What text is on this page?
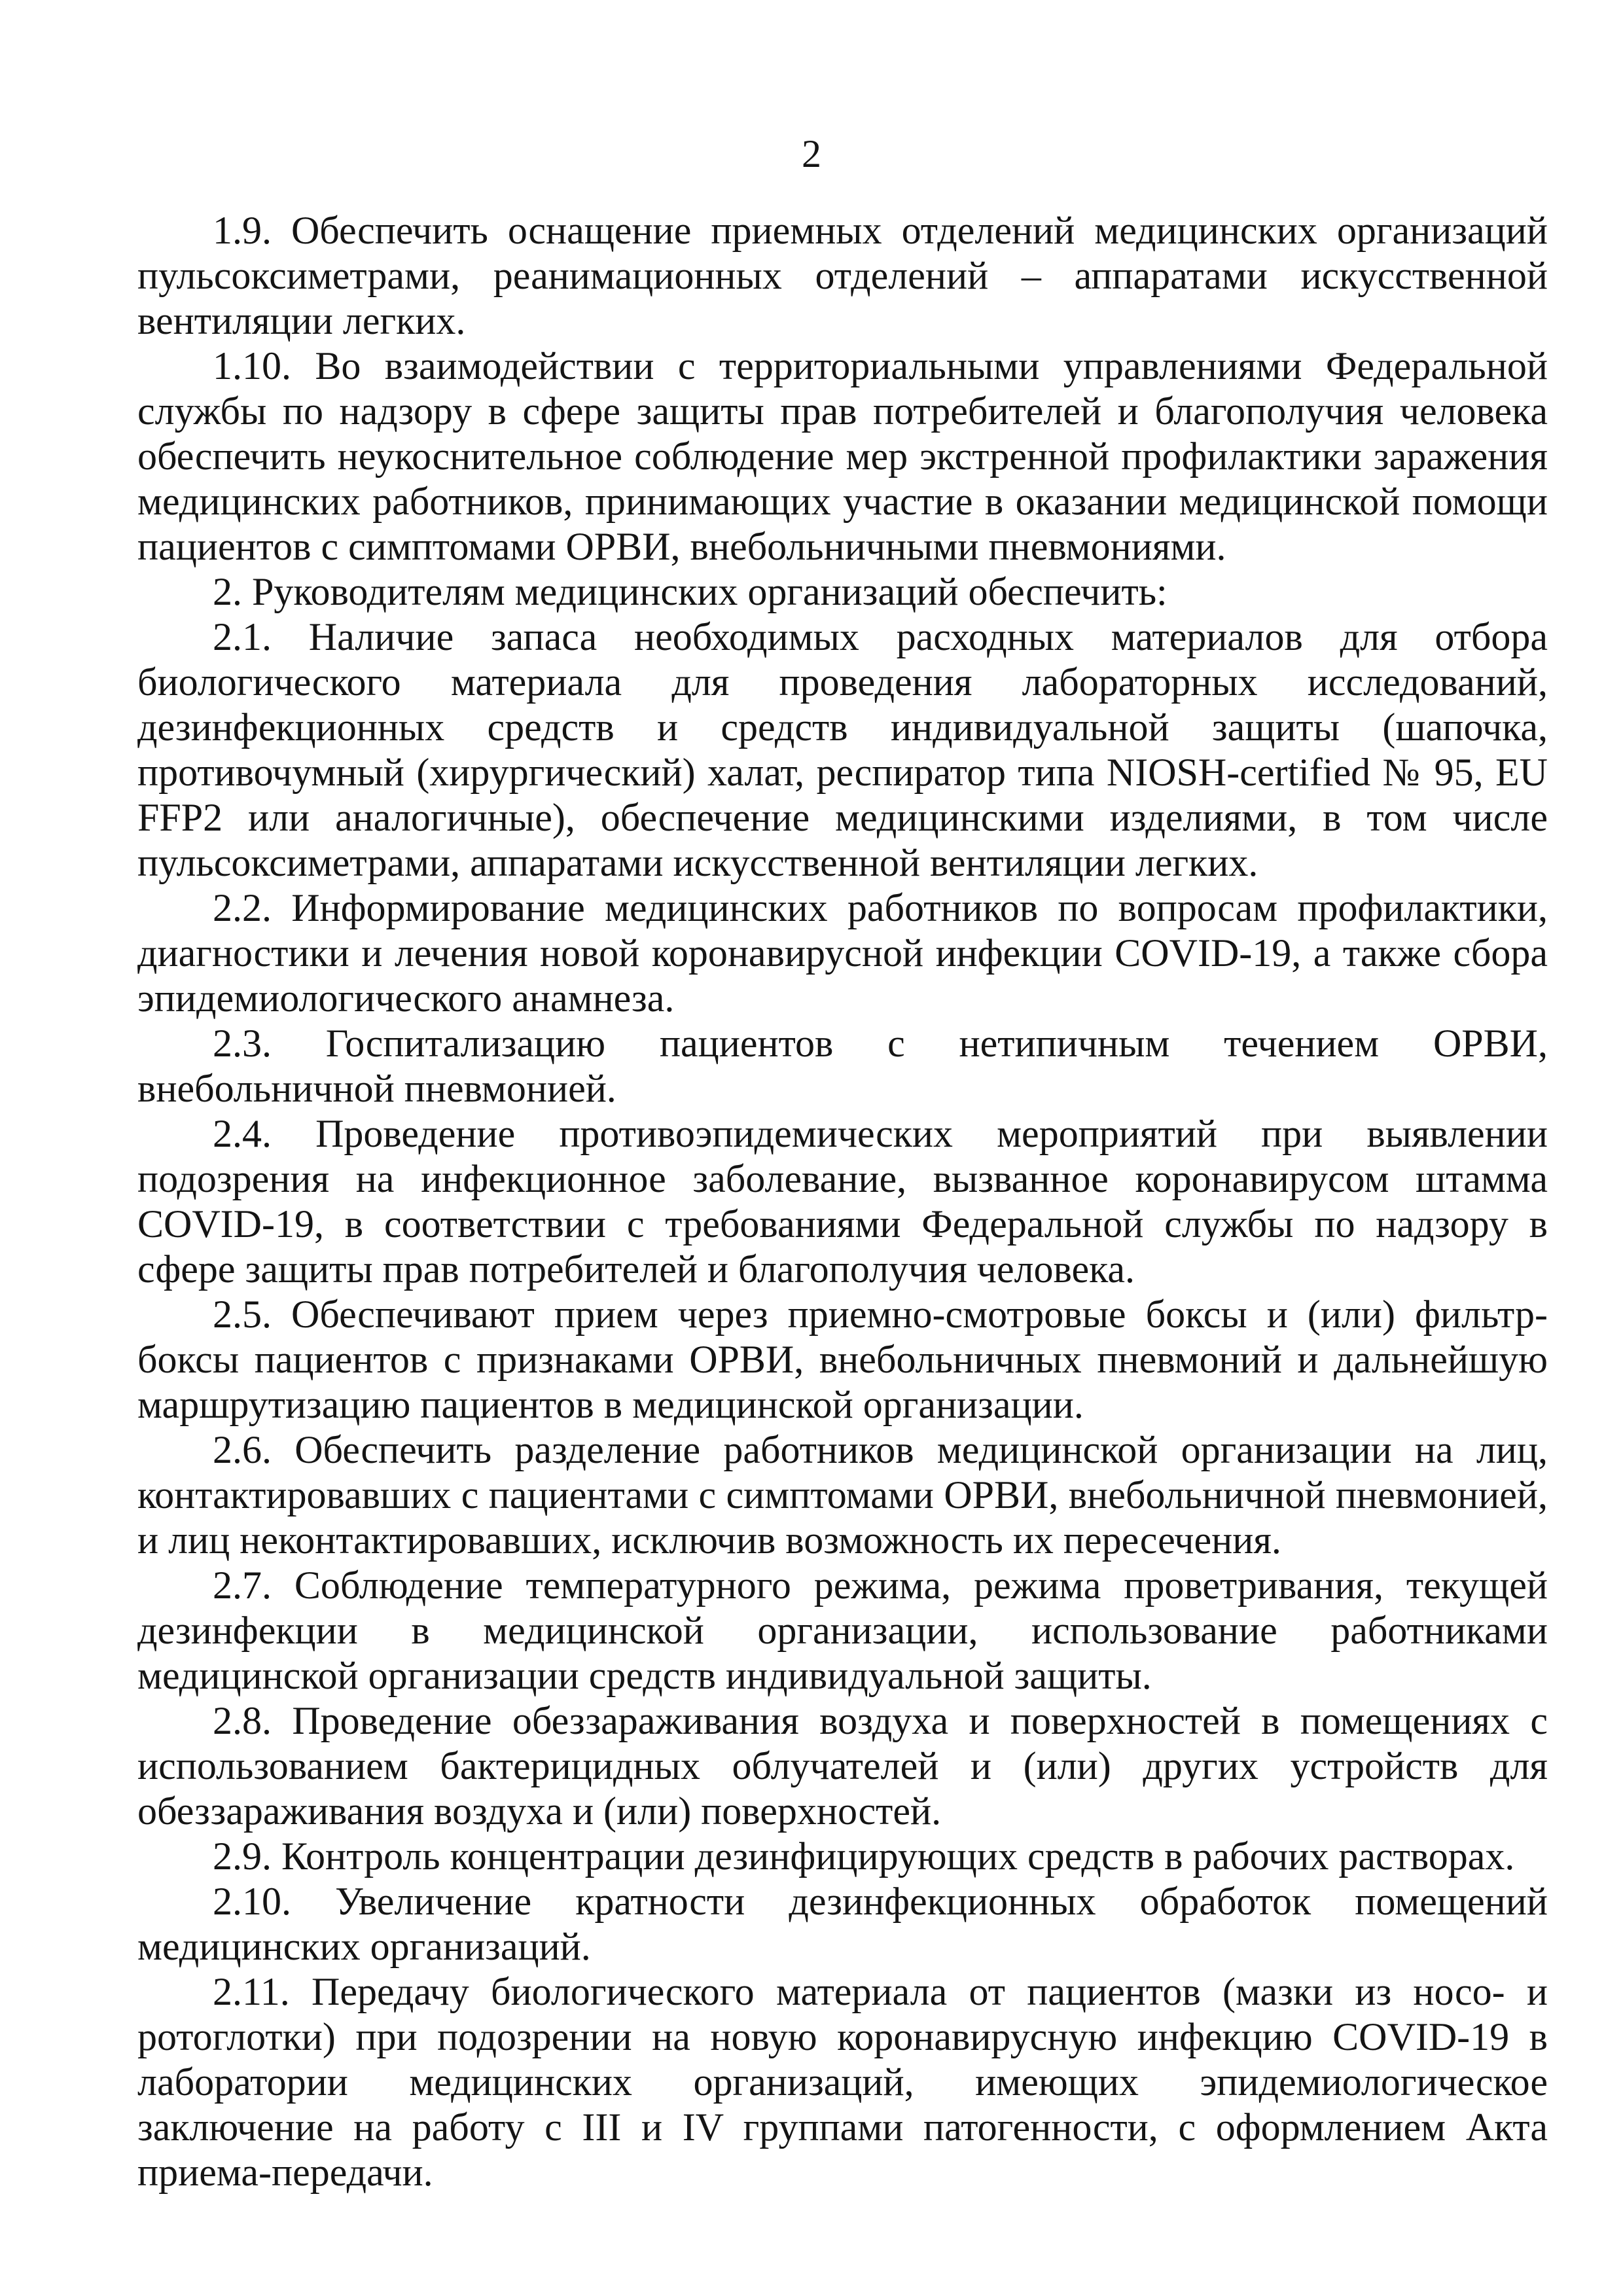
2

1.9. Обеспечить оснащение приемных отделений медицинских организаций пульсоксиметрами, реанимационных отделений – аппаратами искусственной вентиляции легких.

1.10. Во взаимодействии с территориальными управлениями Федеральной службы по надзору в сфере защиты прав потребителей и благополучия человека обеспечить неукоснительное соблюдение мер экстренной профилактики заражения медицинских работников, принимающих участие в оказании медицинской помощи пациентов с симптомами ОРВИ, внебольничными пневмониями.

2. Руководителям медицинских организаций обеспечить:

2.1. Наличие запаса необходимых расходных материалов для отбора биологического материала для проведения лабораторных исследований, дезинфекционных средств и средств индивидуальной защиты (шапочка, противочумный (хирургический) халат, респиратор типа NIOSH-certified № 95, EU FFP2 или аналогичные), обеспечение медицинскими изделиями, в том числе пульсоксиметрами, аппаратами искусственной вентиляции легких.

2.2. Информирование медицинских работников по вопросам профилактики, диагностики и лечения новой коронавирусной инфекции COVID-19, а также сбора эпидемиологического анамнеза.

2.3. Госпитализацию пациентов с нетипичным течением ОРВИ, внебольничной пневмонией.

2.4. Проведение противоэпидемических мероприятий при выявлении подозрения на инфекционное заболевание, вызванное коронавирусом штамма COVID-19, в соответствии с требованиями Федеральной службы по надзору в сфере защиты прав потребителей и благополучия человека.

2.5. Обеспечивают прием через приемно-смотровые боксы и (или) фильтр-боксы пациентов с признаками ОРВИ, внебольничных пневмоний и дальнейшую маршрутизацию пациентов в медицинской организации.

2.6. Обеспечить разделение работников медицинской организации на лиц, контактировавших с пациентами с симптомами ОРВИ, внебольничной пневмонией, и лиц неконтактировавших, исключив возможность их пересечения.

2.7. Соблюдение температурного режима, режима проветривания, текущей дезинфекции в медицинской организации, использование работниками медицинской организации средств индивидуальной защиты.

2.8. Проведение обеззараживания воздуха и поверхностей в помещениях с использованием бактерицидных облучателей и (или) других устройств для обеззараживания воздуха и (или) поверхностей.

2.9. Контроль концентрации дезинфицирующих средств в рабочих растворах.

2.10. Увеличение кратности дезинфекционных обработок помещений медицинских организаций.

2.11. Передачу биологического материала от пациентов (мазки из носо- и ротоглотки) при подозрении на новую коронавирусную инфекцию COVID-19 в лаборатории медицинских организаций, имеющих эпидемиологическое заключение на работу с III и IV группами патогенности, с оформлением Акта приема-передачи.
